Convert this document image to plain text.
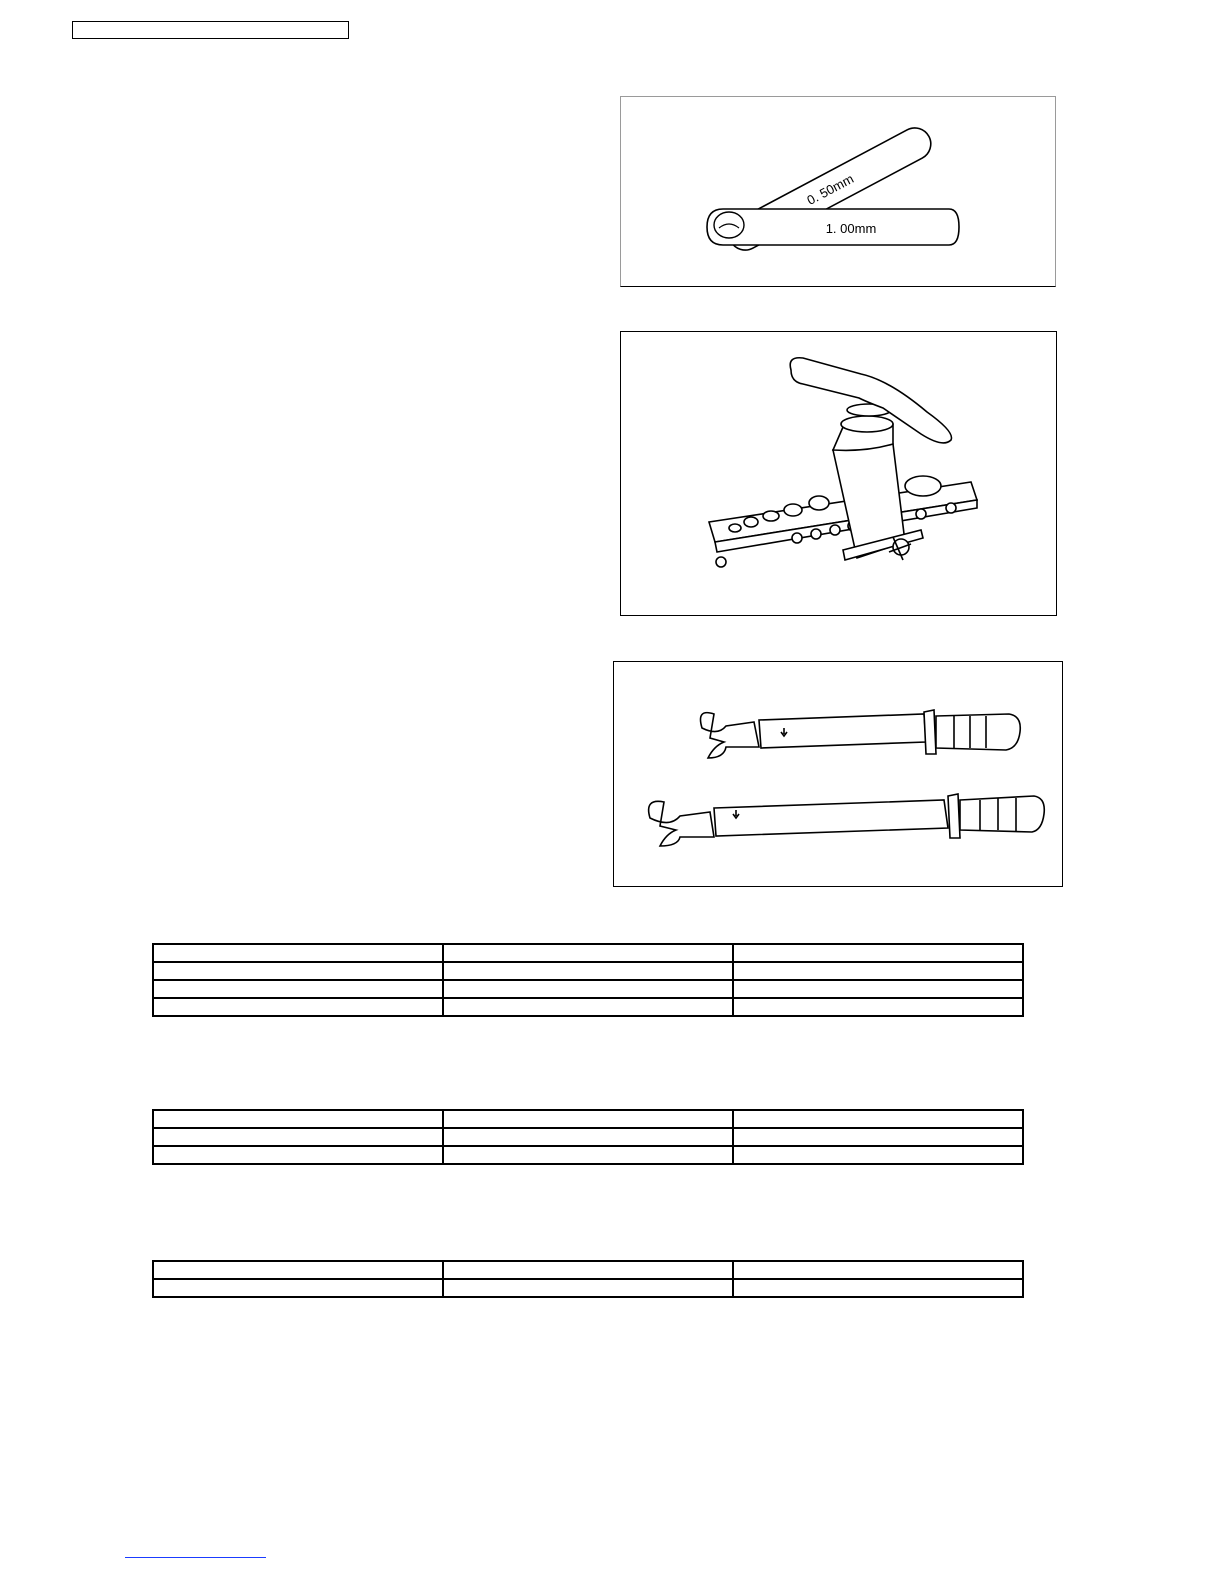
0. 50mm
1. 00mm
